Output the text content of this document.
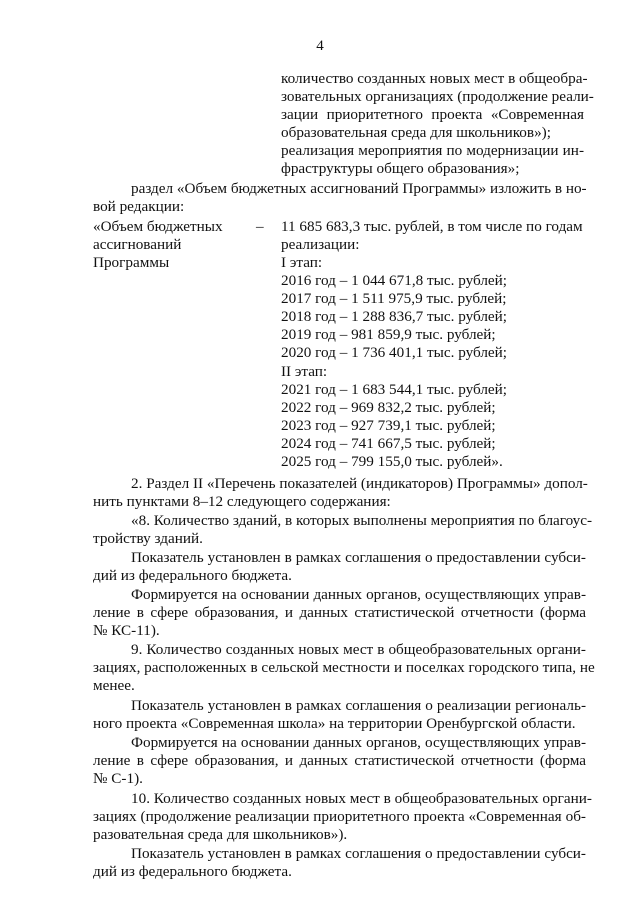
4
количество созданных новых мест в общеобра-
зовательных организациях (продолжение реали-
зации приоритетного проекта «Современная
образовательная среда для школьников»);
реализация мероприятия по модернизации ин-
фраструктуры общего образования»;
раздел «Объем бюджетных ассигнований Программы» изложить в но-
вой редакции:
«Объем бюджетных
ассигнований
Программы
– 11 685 683,3 тыс. рублей, в том числе по годам
реализации:
I этап:
2016 год – 1 044 671,8 тыс. рублей;
2017 год – 1 511 975,9 тыс. рублей;
2018 год – 1 288 836,7 тыс. рублей;
2019 год – 981 859,9 тыс. рублей;
2020 год – 1 736 401,1 тыс. рублей;
II этап:
2021 год – 1 683 544,1 тыс. рублей;
2022 год – 969 832,2 тыс. рублей;
2023 год – 927 739,1 тыс. рублей;
2024 год – 741 667,5 тыс. рублей;
2025 год – 799 155,0 тыс. рублей».
2. Раздел II «Перечень показателей (индикаторов) Программы» допол-
нить пунктами 8–12 следующего содержания:
«8. Количество зданий, в которых выполнены мероприятия по благоус-
тройству зданий.
Показатель установлен в рамках соглашения о предоставлении субси-
дий из федерального бюджета.
Формируется на основании данных органов, осуществляющих управ-
ление в сфере образования, и данных статистической отчетности (форма
№ КС-11).
9. Количество созданных новых мест в общеобразовательных органи-
зациях, расположенных в сельской местности и поселках городского типа, не
менее.
Показатель установлен в рамках соглашения о реализации региональ-
ного проекта «Современная школа» на территории Оренбургской области.
Формируется на основании данных органов, осуществляющих управ-
ление в сфере образования, и данных статистической отчетности (форма
№ С-1).
10. Количество созданных новых мест в общеобразовательных органи-
зациях (продолжение реализации приоритетного проекта «Современная об-
разовательная среда для школьников»).
Показатель установлен в рамках соглашения о предоставлении субси-
дий из федерального бюджета.
